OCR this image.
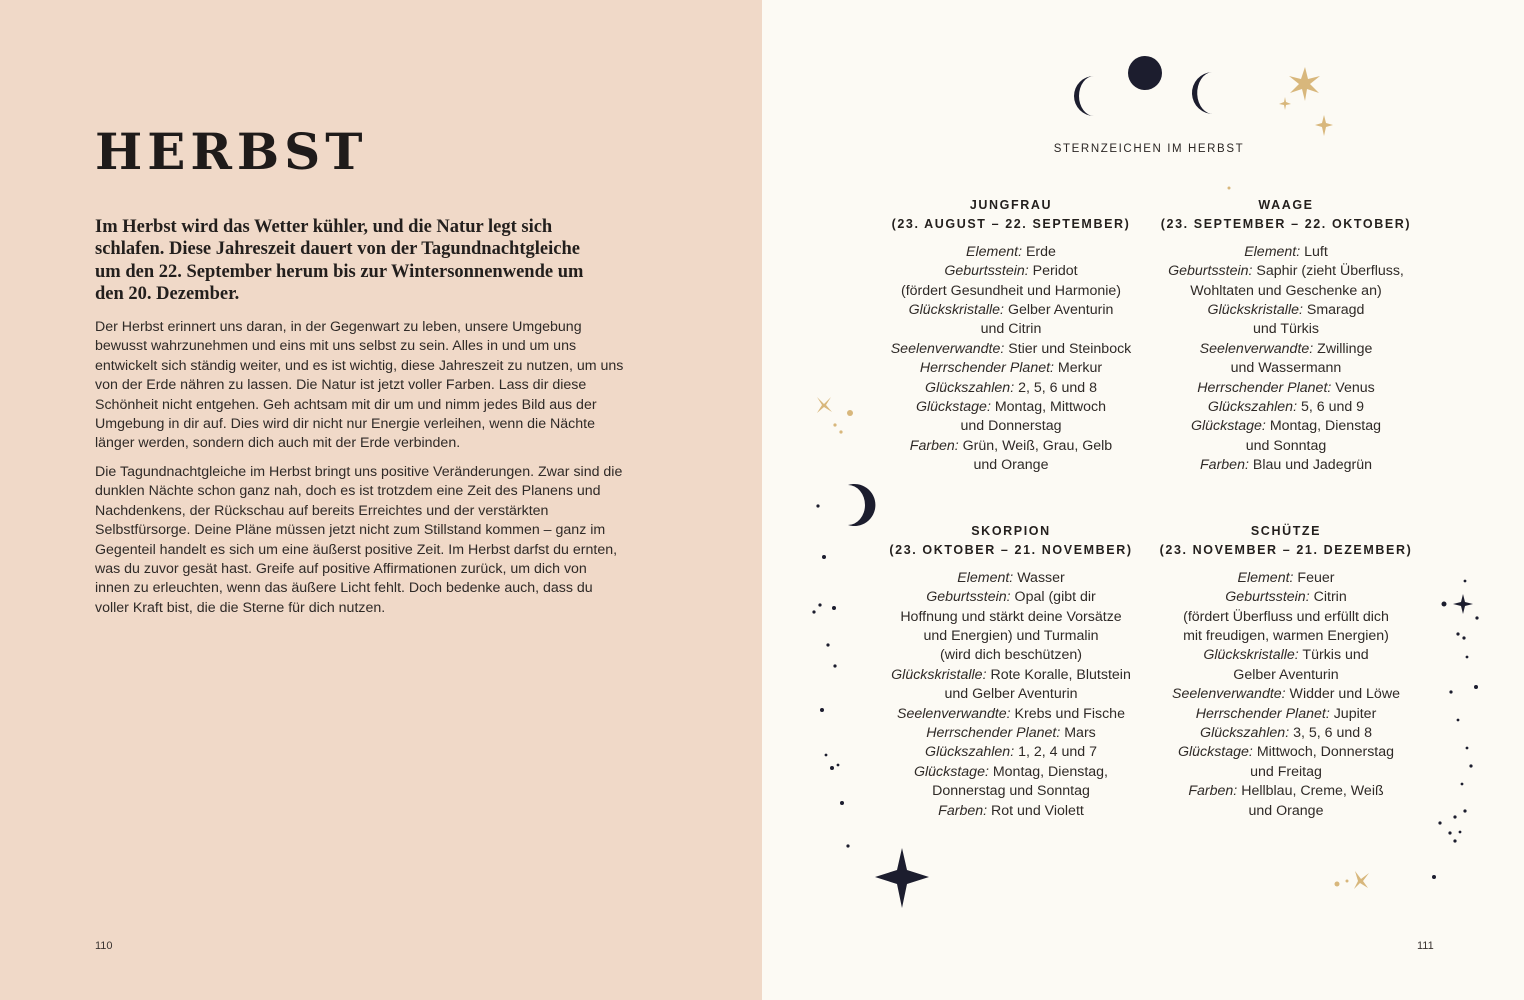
HERBST

Im Herbst wird das Wetter kühler, und die Natur legt sich schlafen. Diese Jahreszeit dauert von der Tagundnachtgleiche um den 22. September herum bis zur Wintersonnenwende um den 20. Dezember.

Der Herbst erinnert uns daran, in der Gegenwart zu leben, unsere Umgebung bewusst wahrzunehmen und eins mit uns selbst zu sein. Alles in und um uns entwickelt sich ständig weiter, und es ist wichtig, diese Jahreszeit zu nutzen, um uns von der Erde nähren zu lassen. Die Natur ist jetzt voller Farben. Lass dir diese Schönheit nicht entgehen. Geh achtsam mit dir um und nimm jedes Bild aus der Umgebung in dir auf. Dies wird dir nicht nur Energie verleihen, wenn die Nächte länger werden, sondern dich auch mit der Erde verbinden.

Die Tagundnachtgleiche im Herbst bringt uns positive Veränderungen. Zwar sind die dunklen Nächte schon ganz nah, doch es ist trotzdem eine Zeit des Planens und Nachdenkens, der Rückschau auf bereits Erreichtes und der verstärkten Selbstfürsorge. Deine Pläne müssen jetzt nicht zum Stillstand kommen – ganz im Gegenteil handelt es sich um eine äußerst positive Zeit. Im Herbst darfst du ernten, was du zuvor gesät hast. Greife auf positive Affirmationen zurück, um dich von innen zu erleuchten, wenn das äußere Licht fehlt. Doch bedenke auch, dass du voller Kraft bist, die die Sterne für dich nutzen.

110
STERNZEICHEN IM HERBST
111
JUNGFRAU
(23. AUGUST – 22. SEPTEMBER)
Element: Erde
Geburtsstein: Peridot
(fördert Gesundheit und Harmonie)
Glückskristalle: Gelber Aventurin
und Citrin
Seelenverwandte: Stier und Steinbock
Herrschender Planet: Merkur
Glückszahlen: 2, 5, 6 und 8
Glückstage: Montag, Mittwoch
und Donnerstag
Farben: Grün, Weiß, Grau, Gelb
und Orange
WAAGE
(23. SEPTEMBER – 22. OKTOBER)
Element: Luft
Geburtsstein: Saphir (zieht Überfluss,
Wohltaten und Geschenke an)
Glückskristalle: Smaragd
und Türkis
Seelenverwandte: Zwillinge
und Wassermann
Herrschender Planet: Venus
Glückszahlen: 5, 6 und 9
Glückstage: Montag, Dienstag
und Sonntag
Farben: Blau und Jadegrün
SKORPION
(23. OKTOBER – 21. NOVEMBER)
Element: Wasser
Geburtsstein: Opal (gibt dir
Hoffnung und stärkt deine Vorsätze
und Energien) und Turmalin
(wird dich beschützen)
Glückskristalle: Rote Koralle, Blutstein
und Gelber Aventurin
Seelenverwandte: Krebs und Fische
Herrschender Planet: Mars
Glückszahlen: 1, 2, 4 und 7
Glückstage: Montag, Dienstag,
Donnerstag und Sonntag
Farben: Rot und Violett
SCHÜTZE
(23. NOVEMBER – 21. DEZEMBER)
Element: Feuer
Geburtsstein: Citrin
(fördert Überfluss und erfüllt dich
mit freudigen, warmen Energien)
Glückskristalle: Türkis und
Gelber Aventurin
Seelenverwandte: Widder und Löwe
Herrschender Planet: Jupiter
Glückszahlen: 3, 5, 6 und 8
Glückstage: Mittwoch, Donnerstag
und Freitag
Farben: Hellblau, Creme, Weiß
und Orange
